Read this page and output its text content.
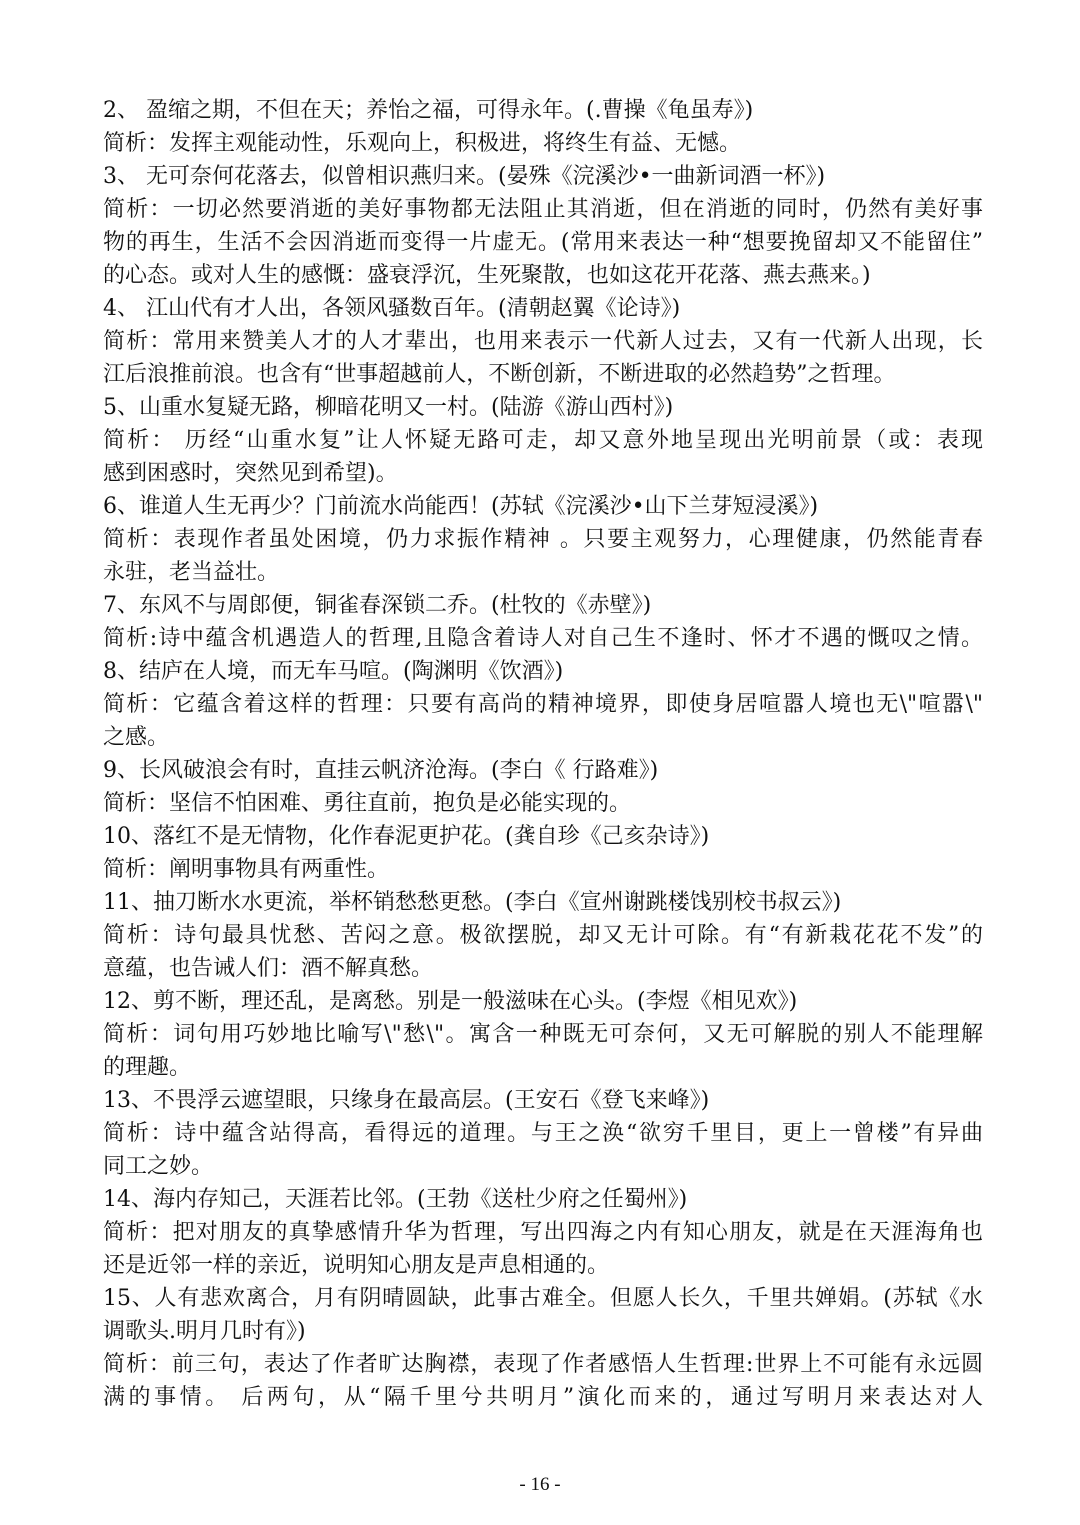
2、 盈缩之期，不但在天；养怡之福，可得永年。(.曹操《龟虽寿》)
简析：发挥主观能动性，乐观向上，积极进，将终生有益、无憾。
3、 无可奈何花落去，似曾相识燕归来。(晏殊《浣溪沙•一曲新词酒一杯》)
简析：一切必然要消逝的美好事物都无法阻止其消逝，但在消逝的同时，仍然有美好事
物的再生，生活不会因消逝而变得一片虚无。(常用来表达一种“想要挽留却又不能留住”
的心态。或对人生的感慨：盛衰浮沉，生死聚散，也如这花开花落、燕去燕来。)
4、 江山代有才人出，各领风骚数百年。(清朝赵翼《论诗》)
简析：常用来赞美人才的人才辈出，也用来表示一代新人过去，又有一代新人出现，长
江后浪推前浪。也含有“世事超越前人，不断创新，不断进取的必然趋势”之哲理。
5、山重水复疑无路，柳暗花明又一村。(陆游《游山西村》)
简析： 历经“山重水复”让人怀疑无路可走，却又意外地呈现出光明前景（或：表现
感到困惑时，突然见到希望)。
6、谁道人生无再少？门前流水尚能西！(苏轼《浣溪沙•山下兰芽短浸溪》)
简析：表现作者虽处困境，仍力求振作精神 。只要主观努力，心理健康，仍然能青春
永驻，老当益壮。
7、东风不与周郎便，铜雀春深锁二乔。(杜牧的《赤壁》)
简析:诗中蕴含机遇造人的哲理,且隐含着诗人对自己生不逢时、怀才不遇的慨叹之情。
8、结庐在人境，而无车马喧。(陶渊明《饮酒》)
简析：它蕴含着这样的哲理：只要有高尚的精神境界，即使身居喧嚣人境也无\"喧嚣\"
之感。
9、长风破浪会有时，直挂云帆济沧海。(李白《 行路难》)
简析：坚信不怕困难、勇往直前，抱负是必能实现的。
10、落红不是无情物，化作春泥更护花。(龚自珍《己亥杂诗》)
简析：阐明事物具有两重性。
11、抽刀断水水更流，举杯销愁愁更愁。(李白《宣州谢跳楼饯别校书叔云》)
简析：诗句最具忧愁、苦闷之意。极欲摆脱，却又无计可除。有“有新栽花花不发”的
意蕴，也告诫人们：酒不解真愁。
12、剪不断，理还乱，是离愁。别是一般滋味在心头。(李煜《相见欢》)
简析：词句用巧妙地比喻写\"愁\"。寓含一种既无可奈何，又无可解脱的别人不能理解
的理趣。
13、不畏浮云遮望眼，只缘身在最高层。(王安石《登飞来峰》)
简析：诗中蕴含站得高，看得远的道理。与王之涣“欲穷千里目，更上一曾楼”有异曲
同工之妙。
14、海内存知己，天涯若比邻。(王勃《送杜少府之任蜀州》)
简析：把对朋友的真挚感情升华为哲理，写出四海之内有知心朋友，就是在天涯海角也
还是近邻一样的亲近，说明知心朋友是声息相通的。
15、人有悲欢离合，月有阴晴圆缺，此事古难全。但愿人长久，千里共婵娟。(苏轼《水
调歌头.明月几时有》)
简析：前三句，表达了作者旷达胸襟，表现了作者感悟人生哲理:世界上不可能有永远圆
满的事情。 后两句，从“隔千里兮共明月”演化而来的，通过写明月来表达对人
- 16 -
